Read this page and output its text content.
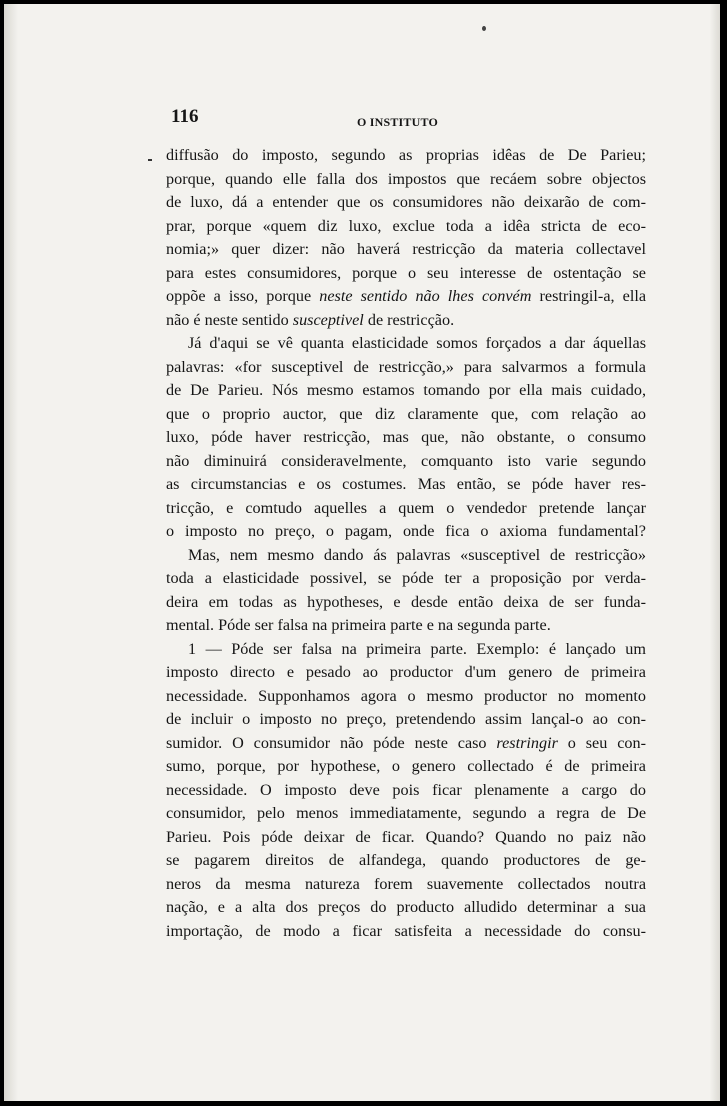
116	O INSTITUTO
diffusão do imposto, segundo as proprias idêas de De Parieu;
porque, quando elle falla dos impostos que recáem sobre objectos
de luxo, dá a entender que os consumidores não deixarão de com-
prar, porque «quem diz luxo, exclue toda a idêa stricta de eco-
nomia;» quer dizer: não haverá restricção da materia collectavel
para estes consumidores, porque o seu interesse de ostentação se
oppõe a isso, porque neste sentido não lhes convém restringil-a, ella
não é neste sentido susceptivel de restricção.
Já d'aqui se vê quanta elasticidade somos forçados a dar áquellas
palavras: «for susceptivel de restricção,» para salvarmos a formula
de De Parieu. Nós mesmo estamos tomando por ella mais cuidado,
que o proprio auctor, que diz claramente que, com relação ao
luxo, póde haver restricção, mas que, não obstante, o consumo
não diminuirá consideravelmente, comquanto isto varie segundo
as circumstancias e os costumes. Mas então, se póde haver res-
tricção, e comtudo aquelles a quem o vendedor pretende lançar
o imposto no preço, o pagam, onde fica o axioma fundamental?
Mas, nem mesmo dando ás palavras «susceptivel de restricção»
toda a elasticidade possivel, se póde ter a proposição por verda-
deira em todas as hypotheses, e desde então deixa de ser funda-
mental. Póde ser falsa na primeira parte e na segunda parte.
1 — Póde ser falsa na primeira parte. Exemplo: é lançado um
imposto directo e pesado ao productor d'um genero de primeira
necessidade. Supponhamos agora o mesmo productor no momento
de incluir o imposto no preço, pretendendo assim lançal-o ao con-
sumidor. O consumidor não póde neste caso restringir o seu con-
sumo, porque, por hypothese, o genero collectado é de primeira
necessidade. O imposto deve pois ficar plenamente a cargo do
consumidor, pelo menos immediatamente, segundo a regra de De
Parieu. Pois póde deixar de ficar. Quando? Quando no paiz não
se pagarem direitos de alfandega, quando productores de ge-
neros da mesma natureza forem suavemente collectados noutra
nação, e a alta dos preços do producto alludido determinar a sua
importação, de modo a ficar satisfeita a necessidade do consu-
